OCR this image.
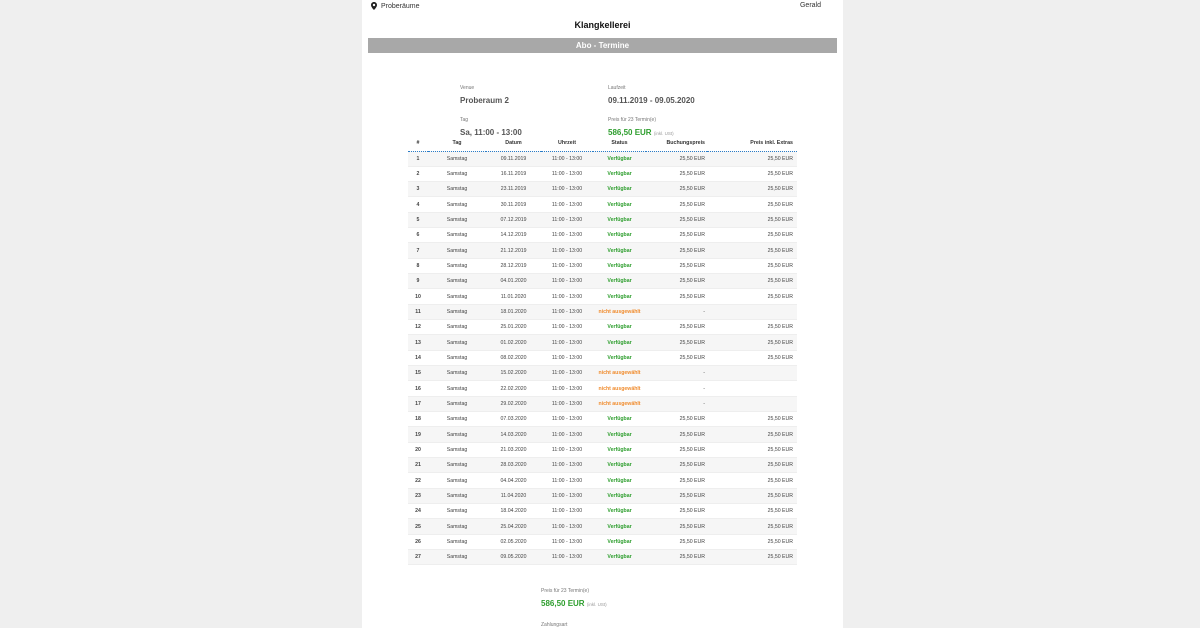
Proberäume	Gerald
Klangkellerei
Abo - Termine
Venue
Proberaum 2
Laufzeit
09.11.2019 - 09.05.2020
Tag
Sa, 11:00 - 13:00
Preis für 23 Termin(e)
586,50 EUR (inkl. USt)
#	Tag	Datum	Uhrzeit	Status	Buchungspreis	Preis inkl. Extras
1	Samstag	09.11.2019	11:00 - 13:00	Verfügbar	25,50 EUR	25,50 EUR
2	Samstag	16.11.2019	11:00 - 13:00	Verfügbar	25,50 EUR	25,50 EUR
3	Samstag	23.11.2019	11:00 - 13:00	Verfügbar	25,50 EUR	25,50 EUR
4	Samstag	30.11.2019	11:00 - 13:00	Verfügbar	25,50 EUR	25,50 EUR
5	Samstag	07.12.2019	11:00 - 13:00	Verfügbar	25,50 EUR	25,50 EUR
6	Samstag	14.12.2019	11:00 - 13:00	Verfügbar	25,50 EUR	25,50 EUR
7	Samstag	21.12.2019	11:00 - 13:00	Verfügbar	25,50 EUR	25,50 EUR
8	Samstag	28.12.2019	11:00 - 13:00	Verfügbar	25,50 EUR	25,50 EUR
9	Samstag	04.01.2020	11:00 - 13:00	Verfügbar	25,50 EUR	25,50 EUR
10	Samstag	11.01.2020	11:00 - 13:00	Verfügbar	25,50 EUR	25,50 EUR
11	Samstag	18.01.2020	11:00 - 13:00	nicht ausgewählt	-	
12	Samstag	25.01.2020	11:00 - 13:00	Verfügbar	25,50 EUR	25,50 EUR
13	Samstag	01.02.2020	11:00 - 13:00	Verfügbar	25,50 EUR	25,50 EUR
14	Samstag	08.02.2020	11:00 - 13:00	Verfügbar	25,50 EUR	25,50 EUR
15	Samstag	15.02.2020	11:00 - 13:00	nicht ausgewählt	-	
16	Samstag	22.02.2020	11:00 - 13:00	nicht ausgewählt	-	
17	Samstag	29.02.2020	11:00 - 13:00	nicht ausgewählt	-	
18	Samstag	07.03.2020	11:00 - 13:00	Verfügbar	25,50 EUR	25,50 EUR
19	Samstag	14.03.2020	11:00 - 13:00	Verfügbar	25,50 EUR	25,50 EUR
20	Samstag	21.03.2020	11:00 - 13:00	Verfügbar	25,50 EUR	25,50 EUR
21	Samstag	28.03.2020	11:00 - 13:00	Verfügbar	25,50 EUR	25,50 EUR
22	Samstag	04.04.2020	11:00 - 13:00	Verfügbar	25,50 EUR	25,50 EUR
23	Samstag	11.04.2020	11:00 - 13:00	Verfügbar	25,50 EUR	25,50 EUR
24	Samstag	18.04.2020	11:00 - 13:00	Verfügbar	25,50 EUR	25,50 EUR
25	Samstag	25.04.2020	11:00 - 13:00	Verfügbar	25,50 EUR	25,50 EUR
26	Samstag	02.05.2020	11:00 - 13:00	Verfügbar	25,50 EUR	25,50 EUR
27	Samstag	09.05.2020	11:00 - 13:00	Verfügbar	25,50 EUR	25,50 EUR
Preis für 23 Termin(e)
586,50 EUR (inkl. USt)
Zahlungsart
